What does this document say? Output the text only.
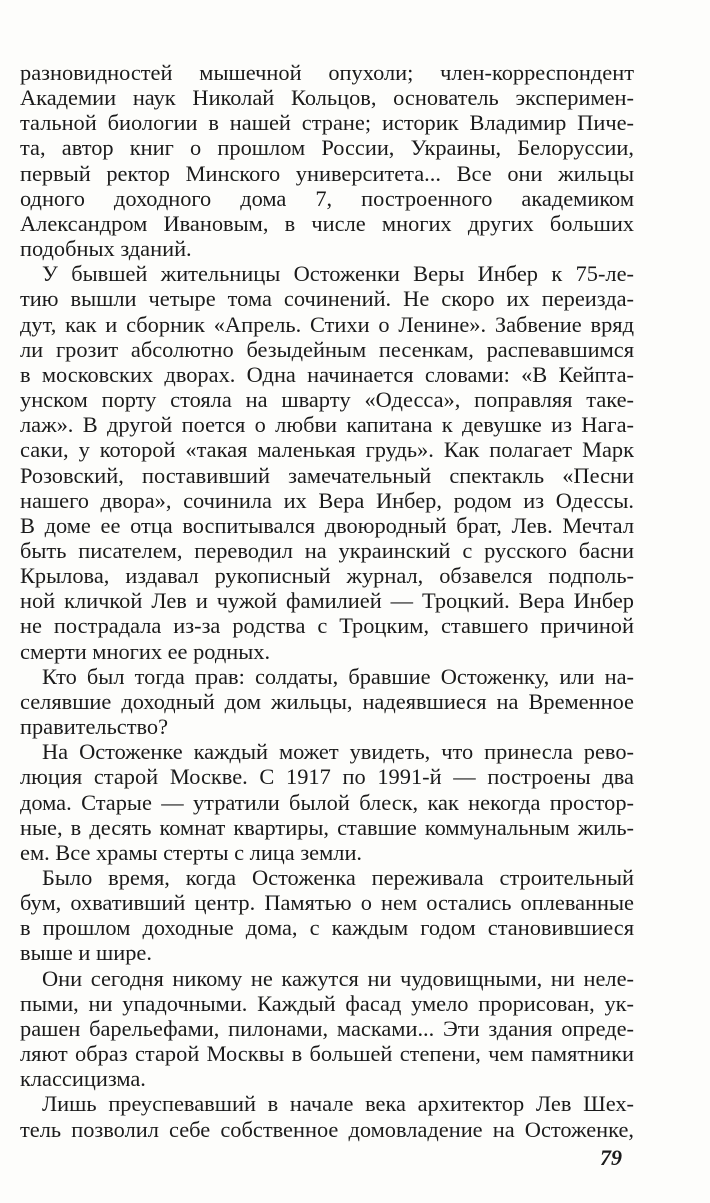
разновидностей мышечной опухоли; член-корреспондент

Академии наук Николай Кольцов, основатель эксперимен-

тальной биологии в нашей стране; историк Владимир Пиче-

та, автор книг о прошлом России, Украины, Белоруссии,

первый ректор Минского университета... Все они жильцы

одного доходного дома 7, построенного академиком

Александром Ивановым, в числе многих других больших

подобных зданий.

У бывшей жительницы Остоженки Веры Инбер к 75-ле-

тию вышли четыре тома сочинений. Не скоро их переизда-

дут, как и сборник «Апрель. Стихи о Ленине». Забвение вряд

ли грозит абсолютно безыдейным песенкам, распевавшимся

в московских дворах. Одна начинается словами: «В Кейпта-

унском порту стояла на швартy «Одесса», поправляя таке-

лаж». В другой поется о любви капитана к девушке из Нага-

саки, у которой «такая маленькая грудь». Как полагает Марк

Розовский, поставивший замечательный спектакль «Песни

нашего двора», сочинила их Вера Инбер, родом из Одессы.

В доме ее отца воспитывался двоюродный брат, Лев. Мечтал

быть писателем, переводил на украинский с русского басни

Крылова, издавал рукописный журнал, обзавелся подполь-

ной кличкой Лев и чужой фамилией — Троцкий. Вера Инбер

не пострадала из-за родства с Троцким, ставшего причиной

смерти многих ее родных.

Кто был тогда прав: солдаты, бравшие Остоженку, или на-

селявшие доходный дом жильцы, надеявшиеся на Временное

правительство?

На Остоженке каждый может увидеть, что принесла рево-

люция старой Москве. С 1917 по 1991-й — построены два

дома. Старые — утратили былой блеск, как некогда простор-

ные, в десять комнат квартиры, ставшие коммунальным жиль-

ем. Все храмы стерты с лица земли.

Было время, когда Остоженка переживала строительный

бум, охвативший центр. Памятью о нем остались оплеванные

в прошлом доходные дома, с каждым годом становившиеся

выше и шире.

Они сегодня никому не кажутся ни чудовищными, ни неле-

пыми, ни упадочными. Каждый фасад умело прорисован, ук-

рашен барельефами, пилонами, масками... Эти здания опреде-

ляют образ старой Москвы в большей степени, чем памятники

классицизма.

Лишь преуспевавший в начале века архитектор Лев Шех-

тель позволил себе собственное домовладение на Остоженке,

79
